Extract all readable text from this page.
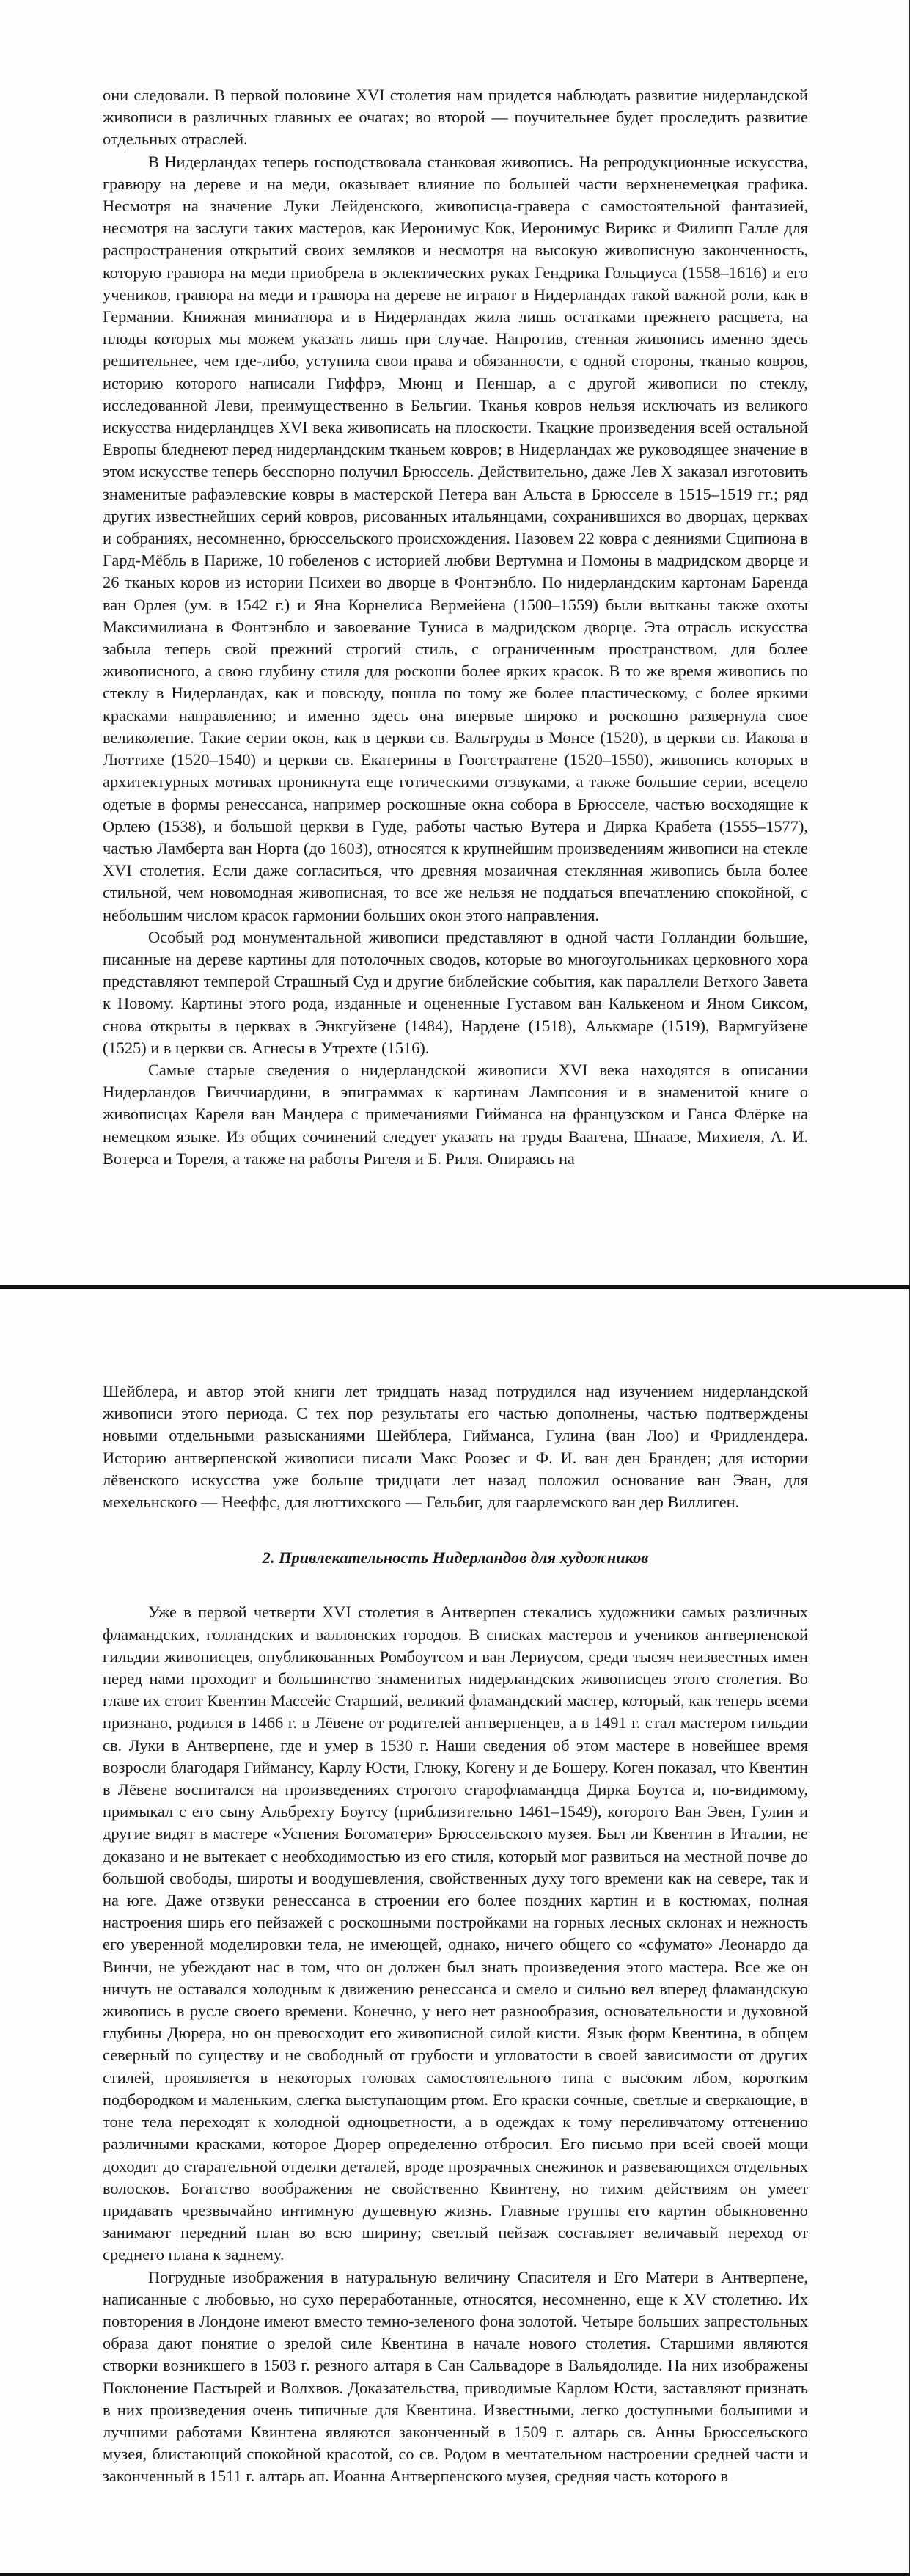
они следовали. В первой половине XVI столетия нам придется наблюдать развитие нидерландской живописи в различных главных ее очагах; во второй — поучительнее будет проследить развитие отдельных отраслей.

В Нидерландах теперь господствовала станковая живопись. На репродукционные искусства, гравюру на дереве и на меди, оказывает влияние по большей части верхненемецкая графика. Несмотря на значение Луки Лейденского, живописца-гравера с самостоятельной фантазией, несмотря на заслуги таких мастеров, как Иеронимус Кок, Иеронимус Вирикс и Филипп Галле для распространения открытий своих земляков и несмотря на высокую живописную законченность, которую гравюра на меди приобрела в эклектических руках Гендрика Гольциуса (1558–1616) и его учеников, гравюра на меди и гравюра на дереве не играют в Нидерландах такой важной роли, как в Германии. Книжная миниатюра и в Нидерландах жила лишь остатками прежнего расцвета, на плоды которых мы можем указать лишь при случае. Напротив, стенная живопись именно здесь решительнее, чем где-либо, уступила свои права и обязанности, с одной стороны, тканью ковров, историю которого написали Гиффрэ, Мюнц и Пеншар, а с другой живописи по стеклу, исследованной Леви, преимущественно в Бельгии. Тканья ковров нельзя исключать из великого искусства нидерландцев XVI века живописать на плоскости. Ткацкие произведения всей остальной Европы бледнеют перед нидерландским тканьем ковров; в Нидерландах же руководящее значение в этом искусстве теперь бесспорно получил Брюссель. Действительно, даже Лев X заказал изготовить знаменитые рафаэлевские ковры в мастерской Петера ван Альста в Брюсселе в 1515–1519 гг.; ряд других известнейших серий ковров, рисованных итальянцами, сохранившихся во дворцах, церквах и собраниях, несомненно, брюссельского происхождения. Назовем 22 ковра с деяниями Сципиона в Гард-Мёбль в Париже, 10 гобеленов с историей любви Вертумна и Помоны в мадридском дворце и 26 тканых коров из истории Психеи во дворце в Фонтэнбло. По нидерландским картонам Баренда ван Орлея (ум. в 1542 г.) и Яна Корнелиса Вермейена (1500–1559) были вытканы также охоты Максимилиана в Фонтэнбло и завоевание Туниса в мадридском дворце. Эта отрасль искусства забыла теперь свой прежний строгий стиль, с ограниченным пространством, для более живописного, а свою глубину стиля для роскоши более ярких красок. В то же время живопись по стеклу в Нидерландах, как и повсюду, пошла по тому же более пластическому, с более яркими красками направлению; и именно здесь она впервые широко и роскошно развернула свое великолепие. Такие серии окон, как в церкви св. Вальтруды в Монсе (1520), в церкви св. Иакова в Люттихе (1520–1540) и церкви св. Екатерины в Гоогстраатене (1520–1550), живопись которых в архитектурных мотивах проникнута еще готическими отзвуками, а также большие серии, всецело одетые в формы ренессанса, например роскошные окна собора в Брюсселе, частью восходящие к Орлею (1538), и большой церкви в Гуде, работы частью Вутера и Дирка Крабета (1555–1577), частью Ламберта ван Норта (до 1603), относятся к крупнейшим произведениям живописи на стекле XVI столетия. Если даже согласиться, что древняя мозаичная стеклянная живопись была более стильной, чем новомодная живописная, то все же нельзя не поддаться впечатлению спокойной, с небольшим числом красок гармонии больших окон этого направления.

Особый род монументальной живописи представляют в одной части Голландии большие, писанные на дереве картины для потолочных сводов, которые во многоугольниках церковного хора представляют темперой Страшный Суд и другие библейские события, как параллели Ветхого Завета к Новому. Картины этого рода, изданные и оцененные Густавом ван Калькеном и Яном Сиксом, снова открыты в церквах в Энкгуйзене (1484), Нардене (1518), Алькмаре (1519), Вармгуйзене (1525) и в церкви св. Агнесы в Утрехте (1516).

Самые старые сведения о нидерландской живописи XVI века находятся в описании Нидерландов Гвиччиардини, в эпиграммах к картинам Лампсония и в знаменитой книге о живописцах Кареля ван Мандера с примечаниями Гиймансa на французском и Ганса Флёрке на немецком языке. Из общих сочинений следует указать на труды Ваагена, Шнаазе, Михиеля, А. И. Вотерса и Тореля, а также на работы Ригеля и Б. Риля. Опираясь на

Шейблера, и автор этой книги лет тридцать назад потрудился над изучением нидерландской живописи этого периода. С тех пор результаты его частью дополнены, частью подтверждены новыми отдельными разысканиями Шейблера, Гиймансa, Гулина (ван Лоо) и Фридлендера. Историю антверпенской живописи писали Макс Роозес и Ф. И. ван ден Бранден; для истории лёвенского искусства уже больше тридцати лет назад положил основание ван Эван, для мехельнского — Нееффс, для люттихского — Гельбиг, для гаарлемского ван дер Виллиген.

2. Привлекательность Нидерландов для художников

Уже в первой четверти XVI столетия в Антверпен стекались художники самых различных фламандских, голландских и валлонских городов. В списках мастеров и учеников антверпенской гильдии живописцев, опубликованных Ромбоутсом и ван Лериусом, среди тысяч неизвестных имен перед нами проходит и большинство знаменитых нидерландских живописцев этого столетия. Во главе их стоит Квентин Массейс Старший, великий фламандский мастер, который, как теперь всеми признано, родился в 1466 г. в Лёвене от родителей антверпенцев, а в 1491 г. стал мастером гильдии св. Луки в Антверпене, где и умер в 1530 г. Наши сведения об этом мастере в новейшее время возросли благодаря Гиймансу, Карлу Юсти, Глюку, Когену и де Бошеру. Коген показал, что Квентин в Лёвене воспитался на произведениях строгого старофламандца Дирка Боутса и, по-видимому, примыкал с его сыну Альбрехту Боутсу (приблизительно 1461–1549), которого Ван Эвен, Гулин и другие видят в мастере «Успения Богоматери» Брюссельского музея. Был ли Квентин в Италии, не доказано и не вытекает с необходимостью из его стиля, который мог развиться на местной почве до большой свободы, широты и воодушевления, свойственных духу того времени как на севере, так и на юге. Даже отзвуки ренессанса в строении его более поздних картин и в костюмах, полная настроения ширь его пейзажей с роскошными постройками на горных лесных склонах и нежность его уверенной моделировки тела, не имеющей, однако, ничего общего со «сфумато» Леонардо да Винчи, не убеждают нас в том, что он должен был знать произведения этого мастера. Все же он ничуть не оставался холодным к движению ренессанса и смело и сильно вел вперед фламандскую живопись в русле своего времени. Конечно, у него нет разнообразия, основательности и духовной глубины Дюрера, но он превосходит его живописной силой кисти. Язык форм Квентина, в общем северный по существу и не свободный от грубости и угловатости в своей зависимости от других стилей, проявляется в некоторых головах самостоятельного типа с высоким лбом, коротким подбородком и маленьким, слегка выступающим ртом. Его краски сочные, светлые и сверкающие, в тоне тела переходят к холодной одноцветности, а в одеждах к тому переливчатому оттенению различными красками, которое Дюрер определенно отбросил. Его письмо при всей своей мощи доходит до старательной отделки деталей, вроде прозрачных снежинок и развевающихся отдельных волосков. Богатство воображения не свойственно Квинтену, но тихим действиям он умеет придавать чрезвычайно интимную душевную жизнь. Главные группы его картин обыкновенно занимают передний план во всю ширину; светлый пейзаж составляет величавый переход от среднего плана к заднему.

Погрудные изображения в натуральную величину Спасителя и Его Матери в Антверпене, написанные с любовью, но сухо переработанные, относятся, несомненно, еще к XV столетию. Их повторения в Лондоне имеют вместо темно-зеленого фона золотой. Четыре больших запрестольных образа дают понятие о зрелой силе Квентина в начале нового столетия. Старшими являются створки возникшего в 1503 г. резного алтаря в Сан Сальвадоре в Вальядолиде. На них изображены Поклонение Пастырей и Волхвов. Доказательства, приводимые Карлом Юсти, заставляют признать в них произведения очень типичные для Квентина. Известными, легко доступными большими и лучшими работами Квинтена являются законченный в 1509 г. алтарь св. Анны Брюссельского музея, блистающий спокойной красотой, со св. Родом в мечтательном настроении средней части и законченный в 1511 г. алтарь ап. Иоанна Антверпенского музея, средняя часть которого в
